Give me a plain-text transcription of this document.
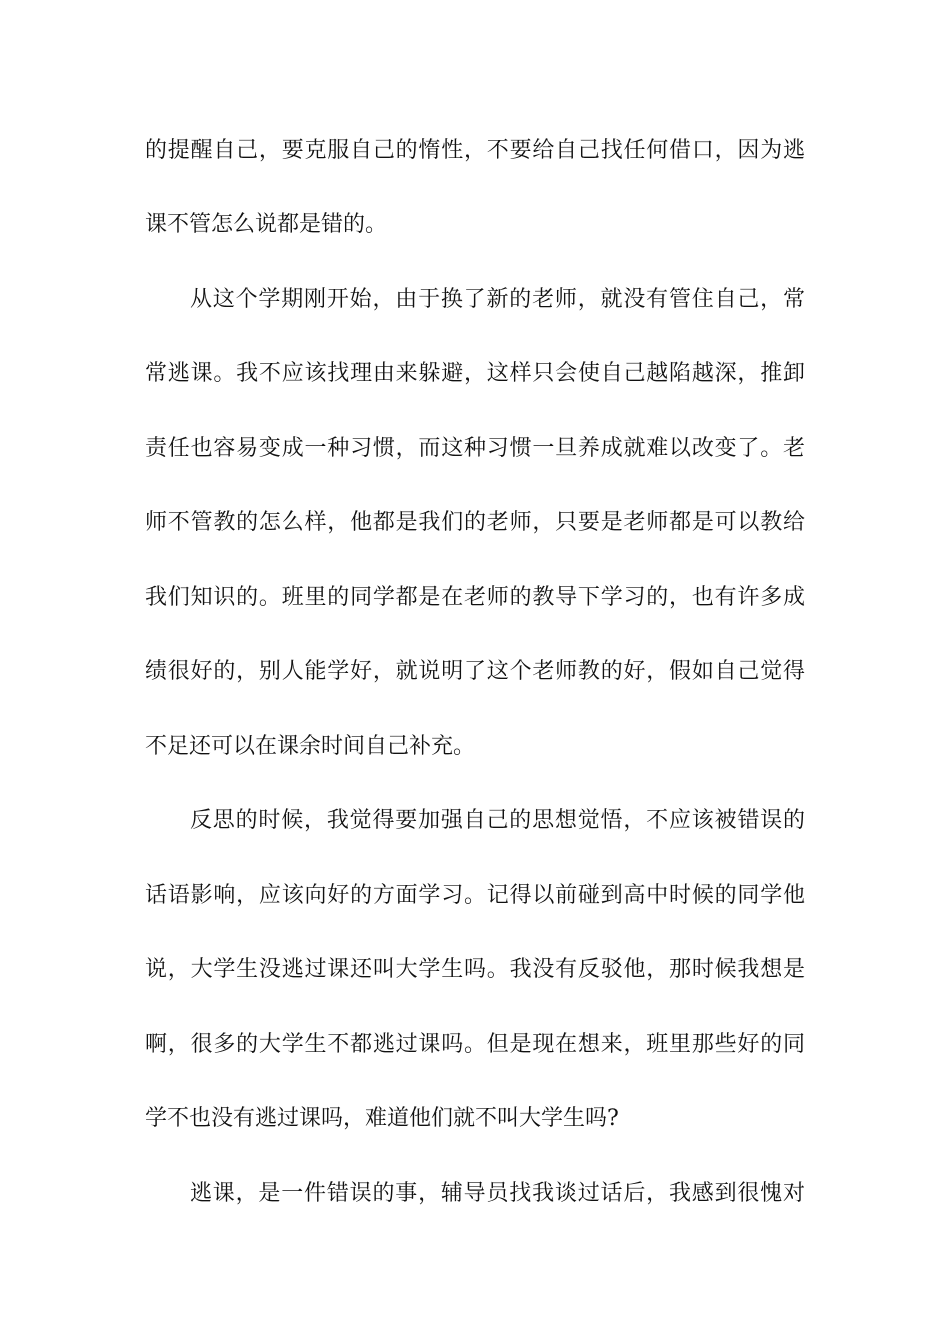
的提醒自己，要克服自己的惰性，不要给自己找任何借口，因为逃
课不管怎么说都是错的。
从这个学期刚开始，由于换了新的老师，就没有管住自己，常
常逃课。我不应该找理由来躲避，这样只会使自己越陷越深，推卸
责任也容易变成一种习惯，而这种习惯一旦养成就难以改变了。老
师不管教的怎么样，他都是我们的老师，只要是老师都是可以教给
我们知识的。班里的同学都是在老师的教导下学习的，也有许多成
绩很好的，别人能学好，就说明了这个老师教的好，假如自己觉得
不足还可以在课余时间自己补充。
反思的时候，我觉得要加强自己的思想觉悟，不应该被错误的
话语影响，应该向好的方面学习。记得以前碰到高中时候的同学他
说，大学生没逃过课还叫大学生吗。我没有反驳他，那时候我想是
啊，很多的大学生不都逃过课吗。但是现在想来，班里那些好的同
学不也没有逃过课吗，难道他们就不叫大学生吗?
逃课，是一件错误的事，辅导员找我谈过话后，我感到很愧对
